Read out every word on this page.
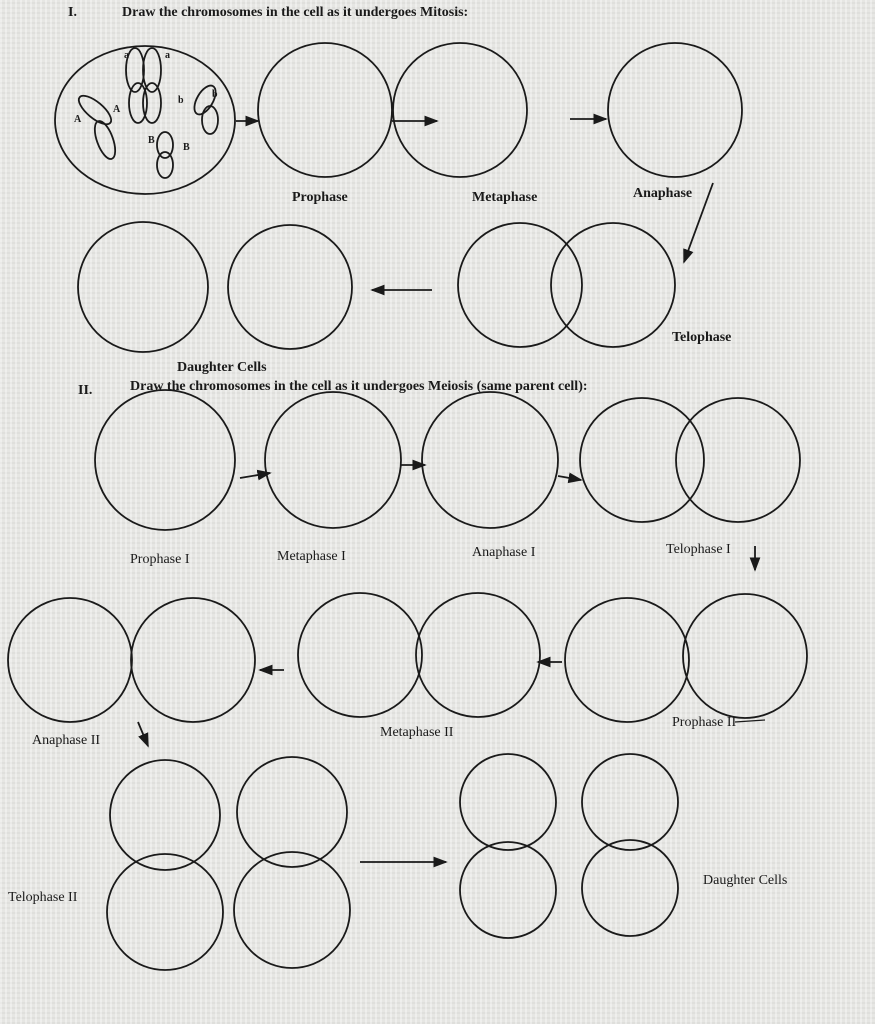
I.	Draw the chromosomes in the cell as it undergoes Mitosis:
a	a
A
A
b
b
B
B
Prophase	Metaphase	Anaphase
Telophase
Daughter Cells
II.	Draw the chromosomes in the cell as it undergoes Meiosis (same parent cell):
Prophase I	Metaphase I	Anaphase I	Telophase I
Anaphase II
Metaphase II
Prophase II
Telophase II
Daughter Cells
